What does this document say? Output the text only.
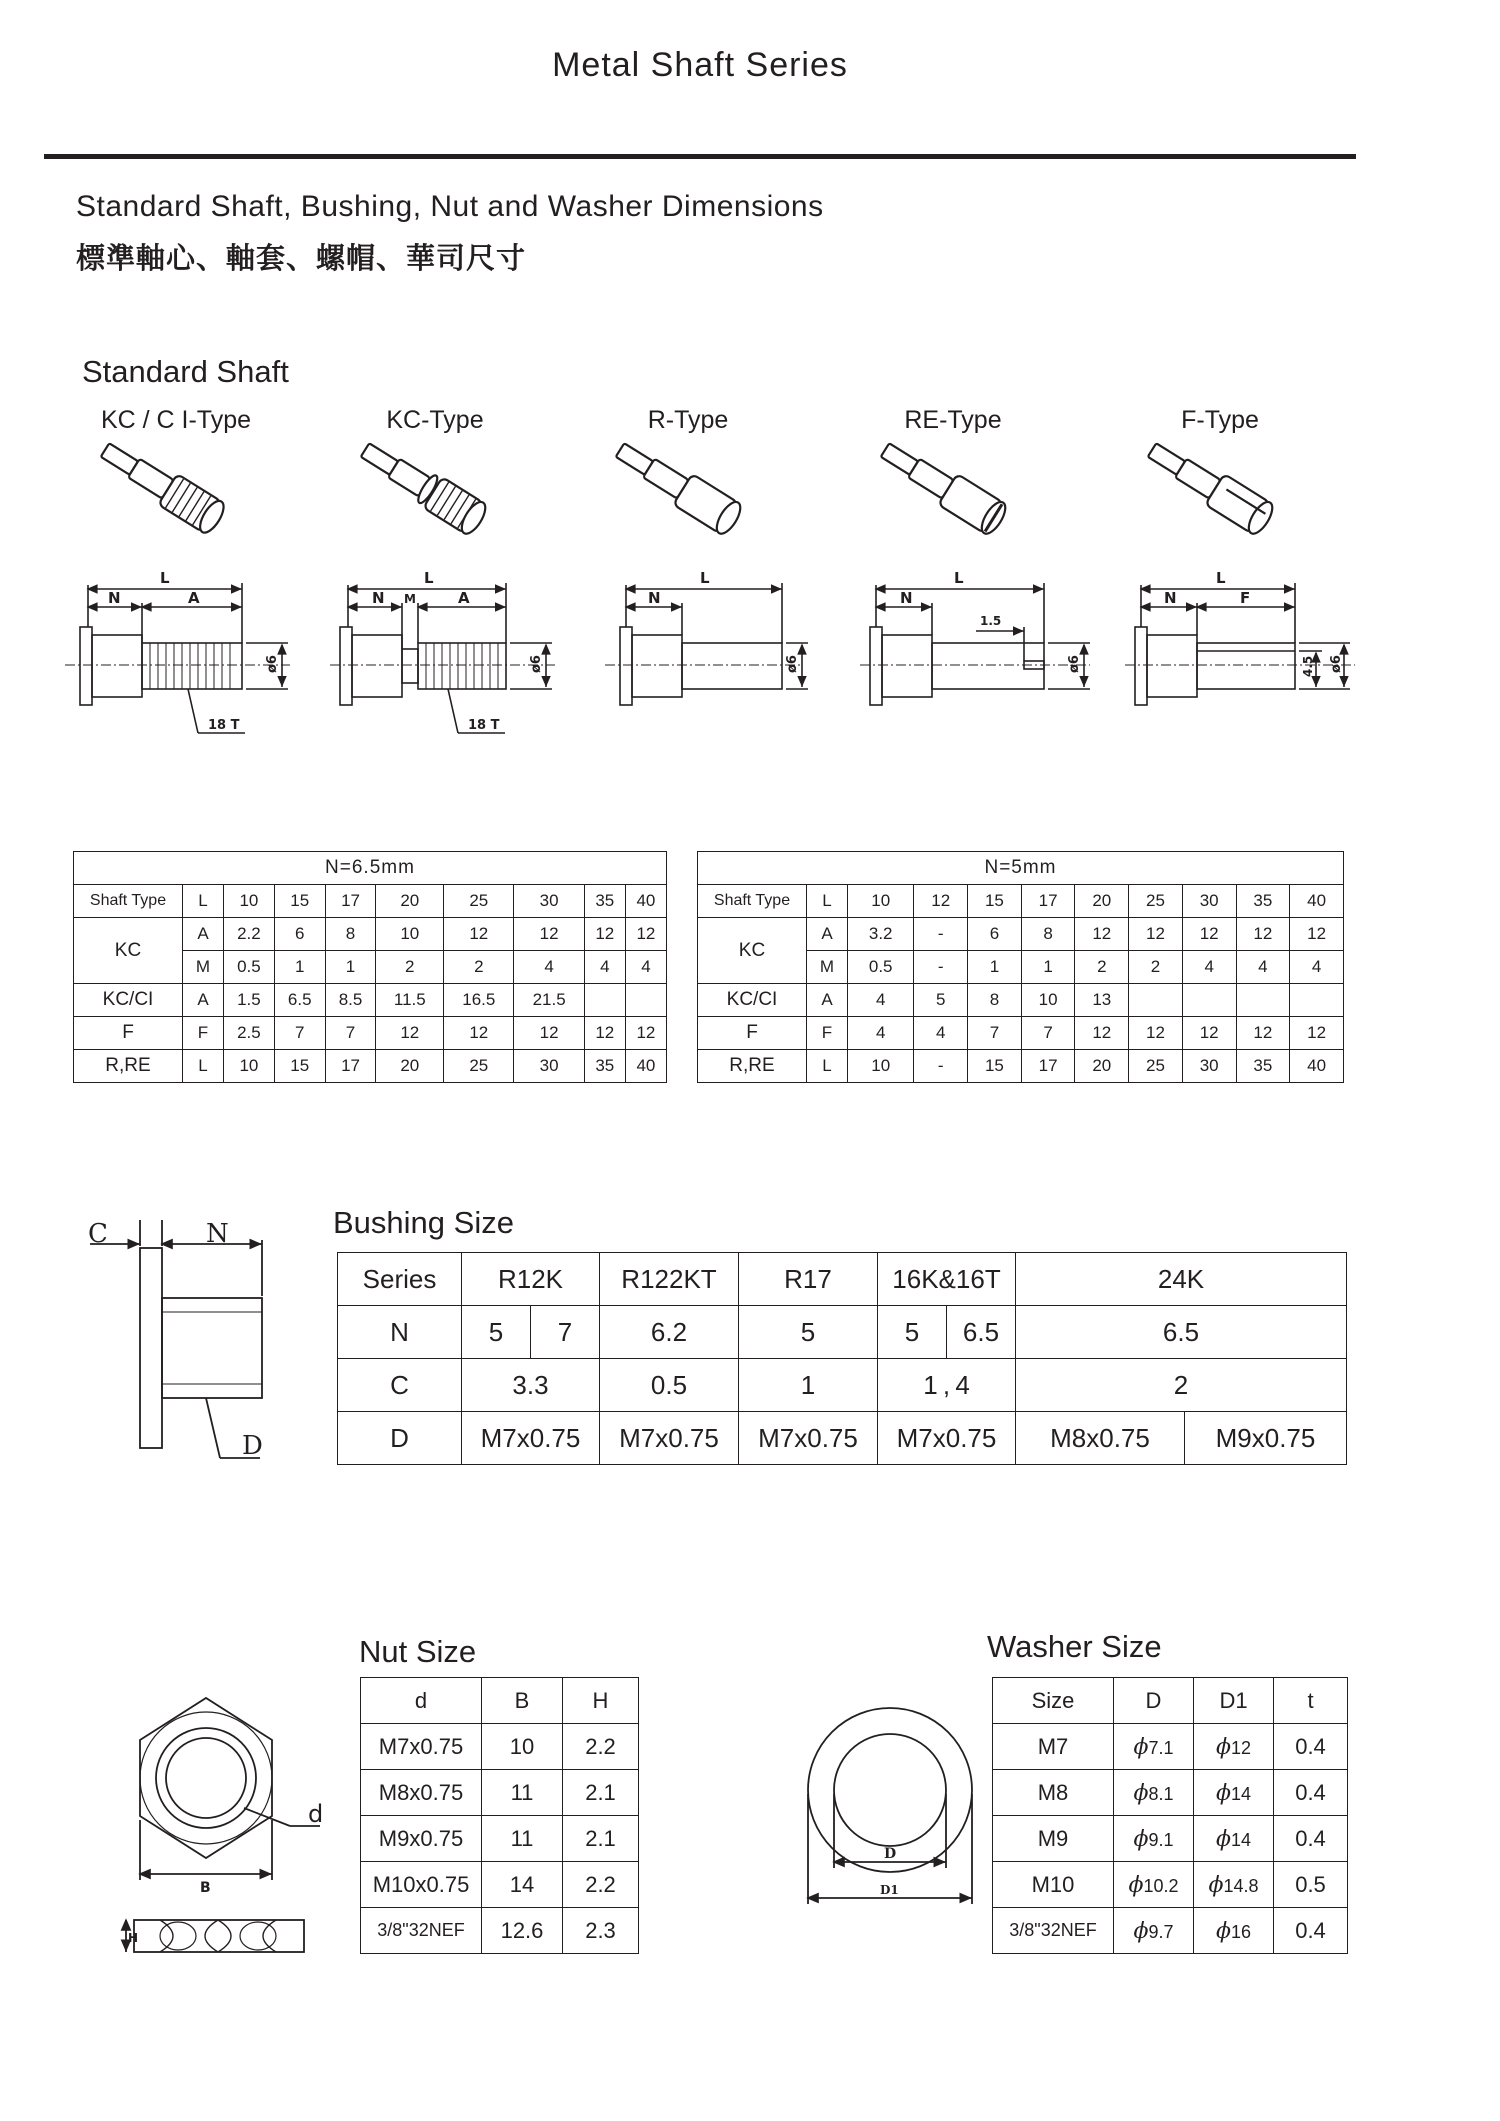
Metal Shaft Series
Standard Shaft, Bushing, Nut and Washer Dimensions
標準軸心、軸套、螺帽、華司尺寸
Standard Shaft
KC / C I-Type	KC-Type	R-Type	RE-Type	F-Type
L
N	A
ø6
18 T
L
N M	A
ø6
18 T
L
N
ø6
L
N
1.5
ø6
L
N	F
4.5 ø6
N=6.5mm									
Shaft Type	L	10	15	17	20	25	30	35	40
KC	A	2.2	6	8	10	12	12	12	12
	M	0.5	1	1	2	2	4	4	4
KC/CI	A	1.5	6.5	8.5	11.5	16.5	21.5		
F	F	2.5	7	7	12	12	12	12	12
R,RE	L	10	15	17	20	25	30	35	40
N=5mm										
Shaft Type	L	10	12	15	17	20	25	30	35	40
KC	A	3.2	-	6	8	12	12	12	12	12
	M	0.5	-	1	1	2	2	4	4	4
KC/CI	A	4	5	8	10	13				
F	F	4	4	7	7	12	12	12	12	12
R,RE	L	10	-	15	17	20	25	30	35	40
C	N
D
Bushing Size
Series	R12K		R122KT	R17	16K&16T		24K	
N	5	7	6.2	5	5	6.5	6.5	
C	3.3		0.5	1	1 , 4		2	
D	M7x0.75		M7x0.75	M7x0.75	M7x0.75		M8x0.75	M9x0.75
d
B
H
Nut Size
d	B	H
M7x0.75	10	2.2
M8x0.75	11	2.1
M9x0.75	11	2.1
M10x0.75	14	2.2
3/8"32NEF	12.6	2.3
D
D1
Washer Size
Size	D	D1	t
M7	ϕ7.1	ϕ12	0.4
M8	ϕ8.1	ϕ14	0.4
M9	ϕ9.1	ϕ14	0.4
M10	ϕ10.2	ϕ14.8	0.5
3/8"32NEF	ϕ9.7	ϕ16	0.4
